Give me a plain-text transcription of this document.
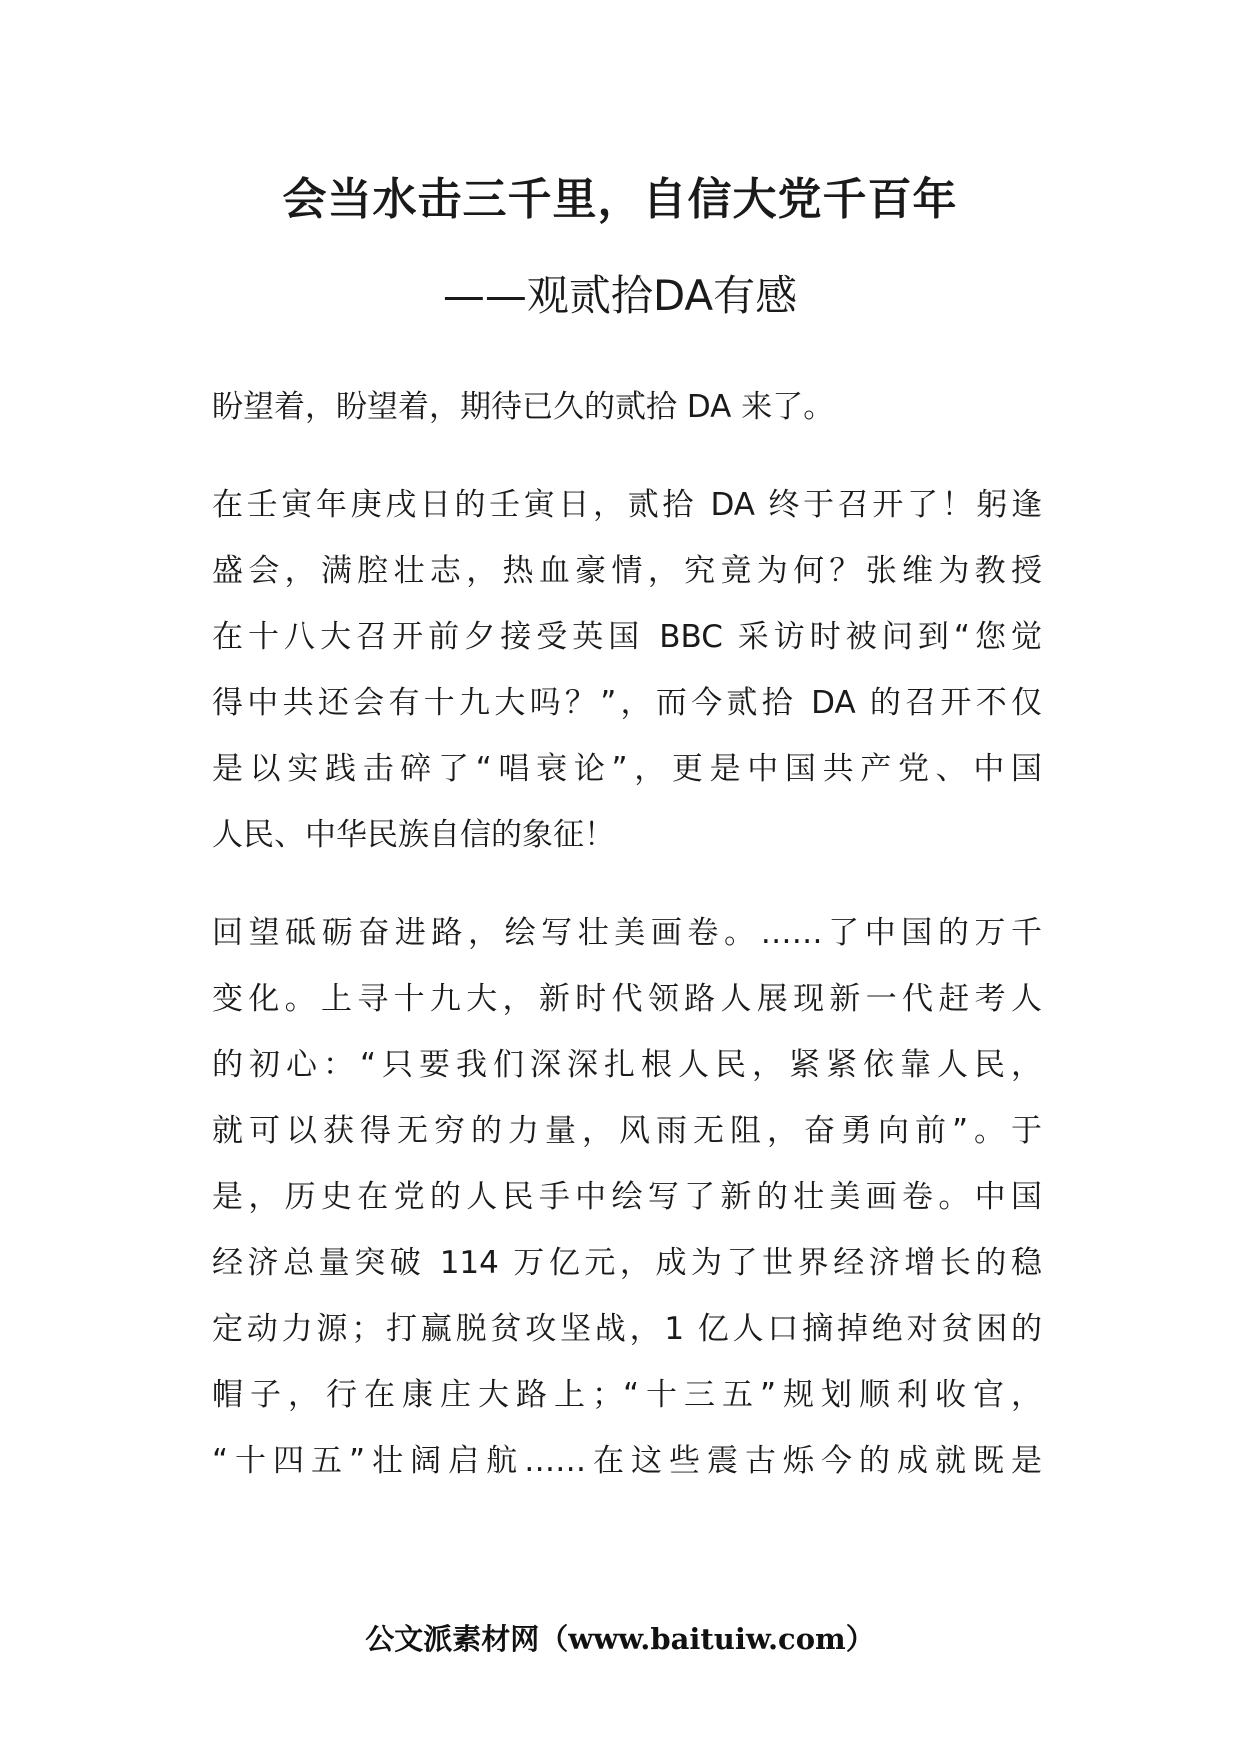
会当水击三千里，自信大党千百年
——观贰拾DA有感
盼望着，盼望着，期待已久的贰拾 DA 来了。
在壬寅年庚戌日的壬寅日，贰拾 DA 终于召开了！躬逢
盛会，满腔壮志，热血豪情，究竟为何？张维为教授
在十八大召开前夕接受英国 BBC 采访时被问到“您觉
得中共还会有十九大吗？”，而今贰拾 DA 的召开不仅
是以实践击碎了“唱衰论”，更是中国共产党、中国
人民、中华民族自信的象征！
回望砥砺奋进路，绘写壮美画卷。……了中国的万千
变化。上寻十九大，新时代领路人展现新一代赶考人
的初心：“只要我们深深扎根人民，紧紧依靠人民，
就可以获得无穷的力量，风雨无阻，奋勇向前”。于
是，历史在党的人民手中绘写了新的壮美画卷。中国
经济总量突破 114 万亿元，成为了世界经济增长的稳
定动力源；打赢脱贫攻坚战，1 亿人口摘掉绝对贫困的
帽子，行在康庄大路上；“十三五”规划顺利收官，
“十四五”壮阔启航……在这些震古烁今的成就既是
公文派素材网（www.baituiw.com）
